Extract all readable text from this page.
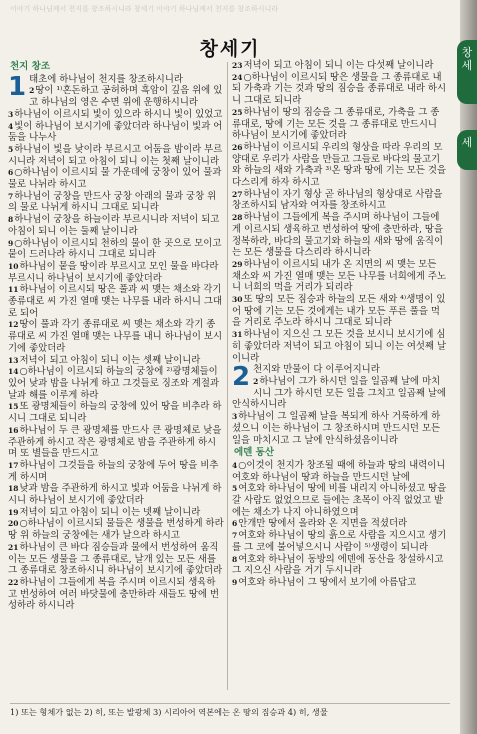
이야기 하나님께서 천지를 창조하시니라 창세기 이야기 하나님께서 천지를 창조하시니라
창세기
천지 창조

1 태초에 하나님이 천지를 창조하시니라

2땅이 ¹⁾혼돈하고 공허하며 흑암이 깊음 위에 있고 하나님의 영은 수면 위에 운행하시니라

3하나님이 이르시되 빛이 있으라 하시니 빛이 있었고

4빛이 하나님이 보시기에 좋았더라 하나님이 빛과 어둠을 나누사

5하나님이 빛을 낮이라 부르시고 어둠을 밤이라 부르시니라 저녁이 되고 아침이 되니 이는 첫째 날이니라

6○하나님이 이르시되 물 가운데에 궁창이 있어 물과 물로 나뉘라 하시고

7하나님이 궁창을 만드사 궁창 아래의 물과 궁창 위의 물로 나뉘게 하시니 그대로 되니라

8하나님이 궁창을 하늘이라 부르시니라 저녁이 되고 아침이 되니 이는 둘째 날이니라

9○하나님이 이르시되 천하의 물이 한 곳으로 모이고 뭍이 드러나라 하시니 그대로 되니라

10하나님이 뭍을 땅이라 부르시고 모인 물을 바다라 부르시니 하나님이 보시기에 좋았더라

11하나님이 이르시되 땅은 풀과 씨 맺는 채소와 각기 종류대로 씨 가진 열매 맺는 나무를 내라 하시니 그대로 되어

12땅이 풀과 각기 종류대로 씨 맺는 채소와 각기 종류대로 씨 가진 열매 맺는 나무를 내니 하나님이 보시기에 좋았더라

13저녁이 되고 아침이 되니 이는 셋째 날이니라

14○하나님이 이르시되 하늘의 궁창에 ²⁾광명체들이 있어 낮과 밤을 나뉘게 하고 그것들로 징조와 계절과 날과 해를 이루게 하라

15또 광명체들이 하늘의 궁창에 있어 땅을 비추라 하시니 그대로 되니라

16하나님이 두 큰 광명체를 만드사 큰 광명체로 낮을 주관하게 하시고 작은 광명체로 밤을 주관하게 하시며 또 별들을 만드시고

17하나님이 그것들을 하늘의 궁창에 두어 땅을 비추게 하시며

18낮과 밤을 주관하게 하시고 빛과 어둠을 나뉘게 하시니 하나님이 보시기에 좋았더라

19저녁이 되고 아침이 되니 이는 넷째 날이니라

20○하나님이 이르시되 물들은 생물을 번성하게 하라 땅 위 하늘의 궁창에는 새가 날으라 하시고

21하나님이 큰 바다 짐승들과 물에서 번성하여 움직이는 모든 생물을 그 종류대로, 날개 있는 모든 새를 그 종류대로 창조하시니 하나님이 보시기에 좋았더라

22하나님이 그들에게 복을 주시며 이르시되 생육하고 번성하여 여러 바닷물에 충만하라 새들도 땅에 번성하라 하시니라

23저녁이 되고 아침이 되니 이는 다섯째 날이니라

24○하나님이 이르시되 땅은 생물을 그 종류대로 내되 가축과 기는 것과 땅의 짐승을 종류대로 내라 하시니 그대로 되니라

25하나님이 땅의 짐승을 그 종류대로, 가축을 그 종류대로, 땅에 기는 모든 것을 그 종류대로 만드시니 하나님이 보시기에 좋았더라

26하나님이 이르시되 우리의 형상을 따라 우리의 모양대로 우리가 사람을 만들고 그들로 바다의 물고기와 하늘의 새와 가축과 ³⁾온 땅과 땅에 기는 모든 것을 다스리게 하자 하시고

27하나님이 자기 형상 곧 하나님의 형상대로 사람을 창조하시되 남자와 여자를 창조하시고

28하나님이 그들에게 복을 주시며 하나님이 그들에게 이르시되 생육하고 번성하여 땅에 충만하라, 땅을 정복하라, 바다의 물고기와 하늘의 새와 땅에 움직이는 모든 생물을 다스리라 하시니라

29하나님이 이르시되 내가 온 지면의 씨 맺는 모든 채소와 씨 가진 열매 맺는 모든 나무를 너희에게 주노니 너희의 먹을 거리가 되리라

30또 땅의 모든 짐승과 하늘의 모든 새와 ⁴⁾생명이 있어 땅에 기는 모든 것에게는 내가 모든 푸른 풀을 먹을 거리로 주노라 하시니 그대로 되니라

31하나님이 지으신 그 모든 것을 보시니 보시기에 심히 좋았더라 저녁이 되고 아침이 되니 이는 여섯째 날이니라

2 천지와 만물이 다 이루어지니라

2하나님이 그가 하시던 일을 일곱째 날에 마치시니 그가 하시던 모든 일을 그치고 일곱째 날에 안식하시니라

3하나님이 그 일곱째 날을 복되게 하사 거룩하게 하셨으니 이는 하나님이 그 창조하시며 만드시던 모든 일을 마치시고 그 날에 안식하셨음이니라

에덴 동산

4○이것이 천지가 창조될 때에 하늘과 땅의 내력이니 여호와 하나님이 땅과 하늘을 만드시던 날에

5여호와 하나님이 땅에 비를 내리지 아니하셨고 땅을 갈 사람도 없었으므로 들에는 초목이 아직 없었고 밭에는 채소가 나지 아니하였으며

6안개만 땅에서 올라와 온 지면을 적셨더라

7여호와 하나님이 땅의 흙으로 사람을 지으시고 생기를 그 코에 불어넣으시니 사람이 ⁵⁾생령이 되니라

8여호와 하나님이 동방의 에덴에 동산을 창설하시고 그 지으신 사람을 거기 두시니라

9여호와 하나님이 그 땅에서 보기에 아름답고

1) 또는 형체가 없는 2) 히, 또는 발광체 3) 시리아어 역본에는 온 땅의 짐승과 4) 히, 생물
창세
세
